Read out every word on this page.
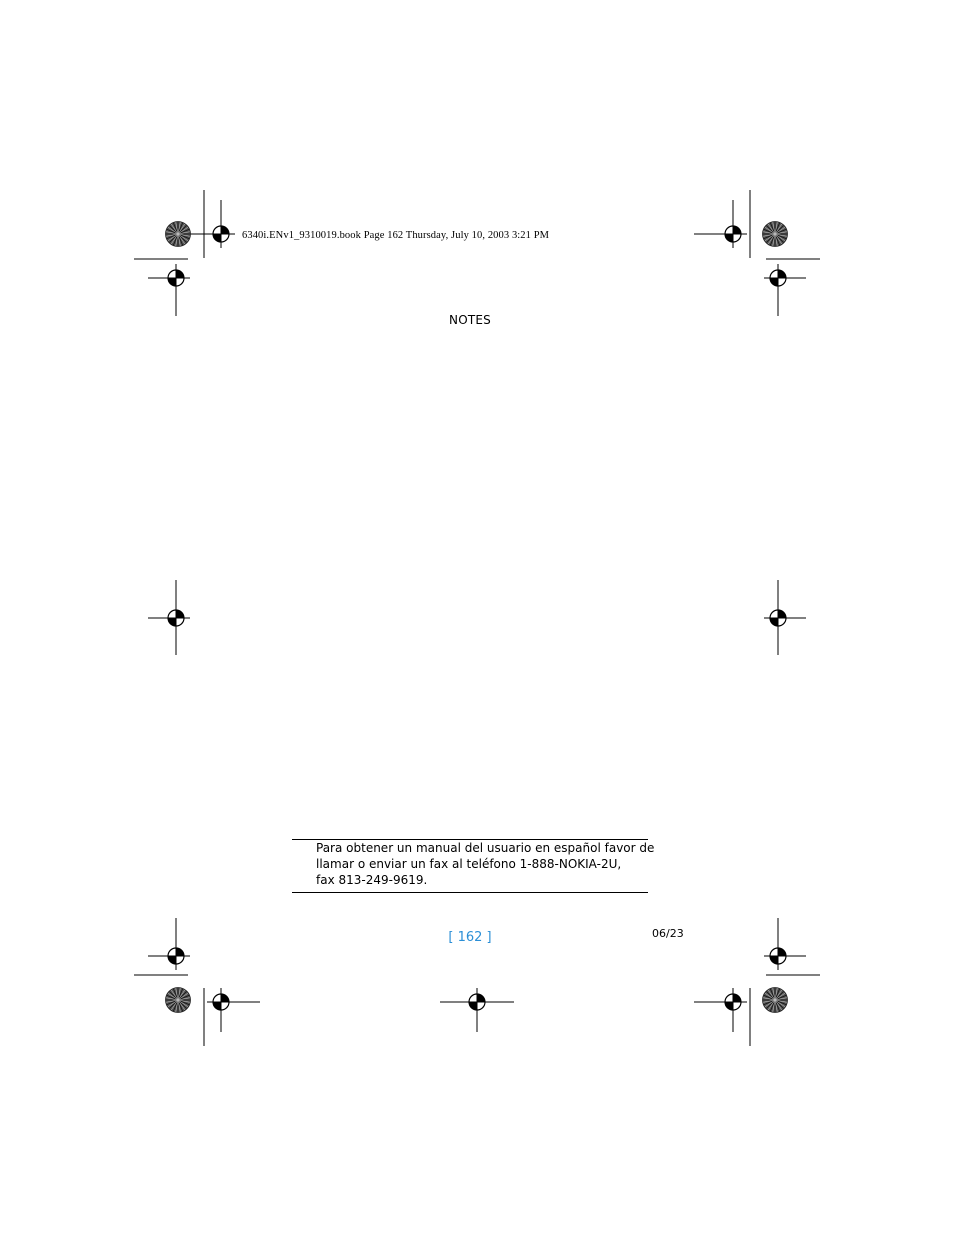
6340i.ENv1_9310019.book Page 162 Thursday, July 10, 2003 3:21 PM
NOTES
Para obtener un manual del usuario en español favor de
llamar o enviar un fax al teléfono 1-888-NOKIA-2U,
fax 813-249-9619.
[ 162 ]	06/23
